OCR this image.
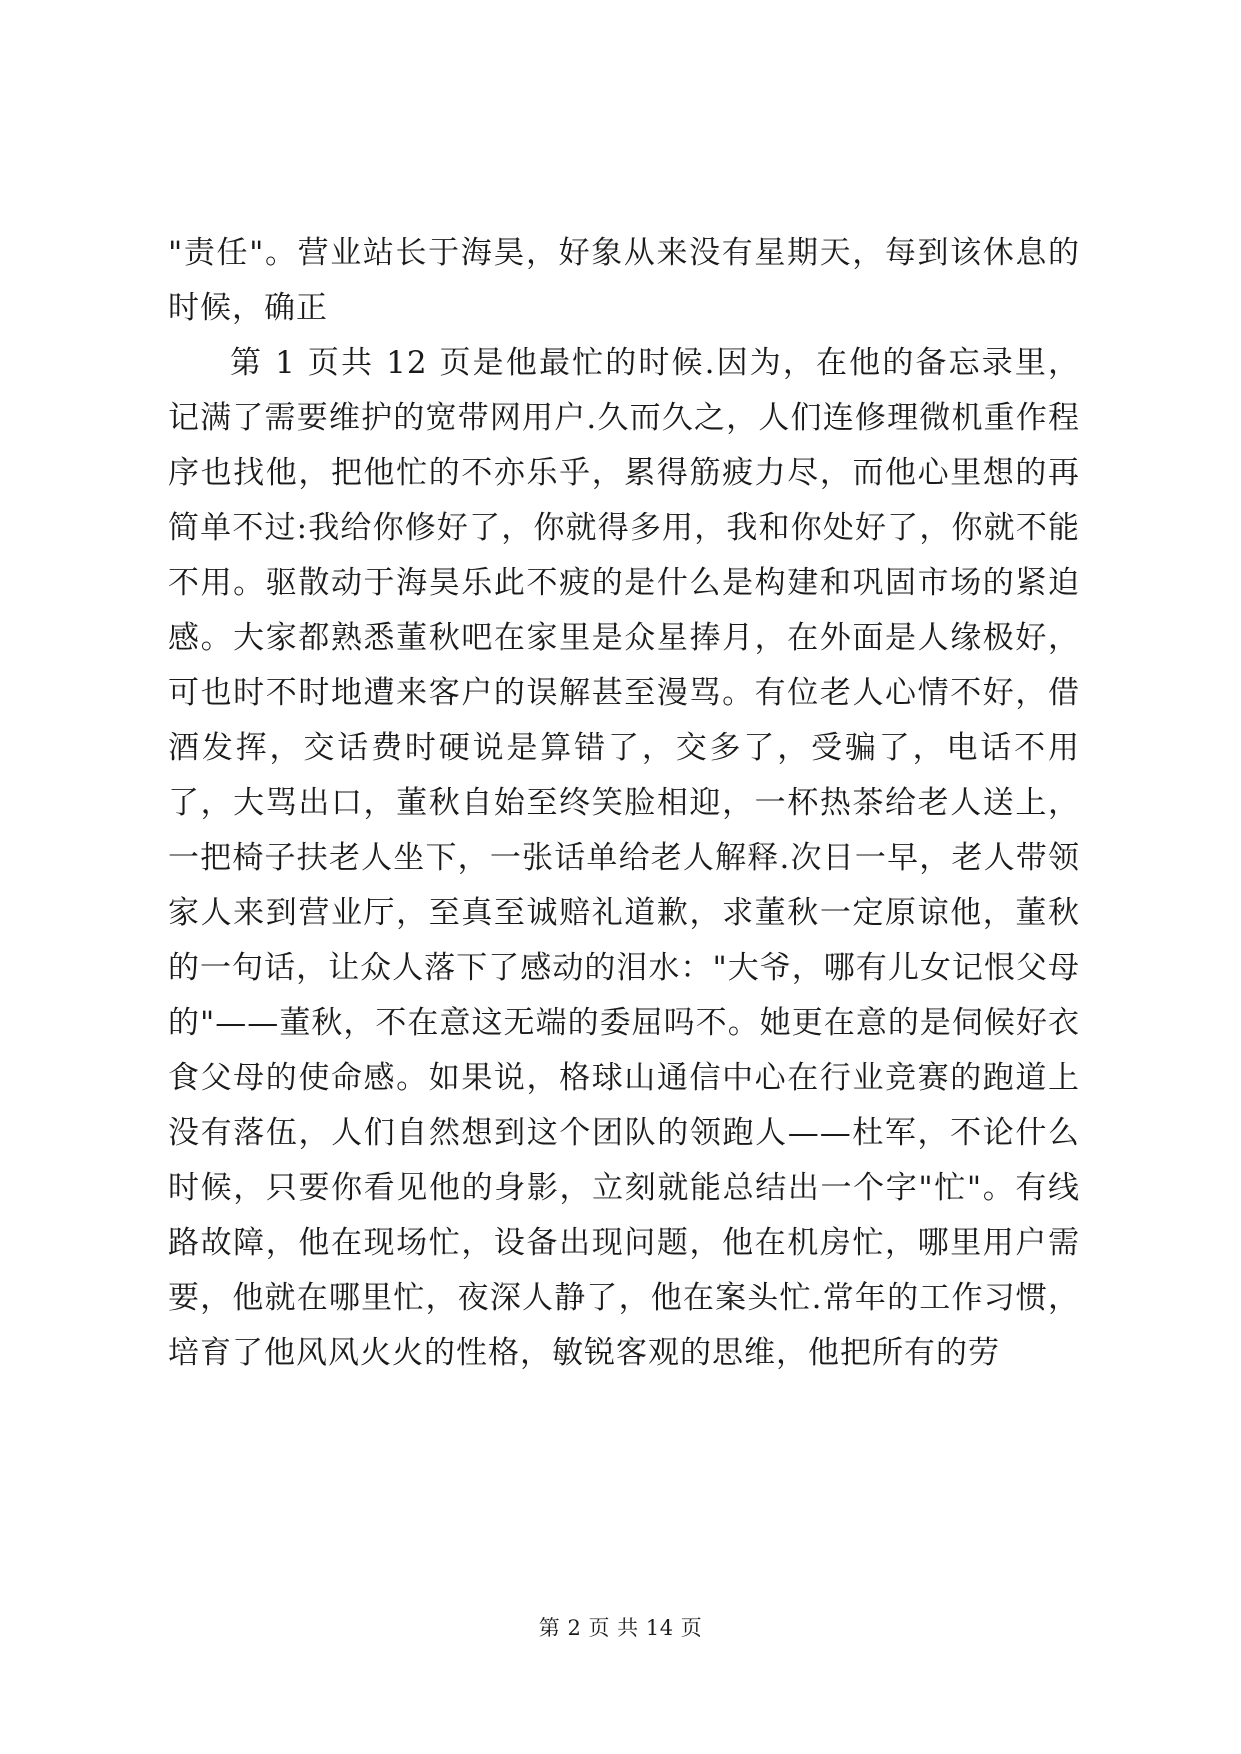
"责任"。营业站长于海昊，好象从来没有星期天，每到该休息的时候，确正

第 1 页共 12 页是他最忙的时候.因为，在他的备忘录里，记满了需要维护的宽带网用户.久而久之，人们连修理微机重作程序也找他，把他忙的不亦乐乎，累得筋疲力尽，而他心里想的再简单不过:我给你修好了，你就得多用，我和你处好了，你就不能不用。驱散动于海昊乐此不疲的是什么是构建和巩固市场的紧迫感。大家都熟悉董秋吧在家里是众星捧月，在外面是人缘极好，可也时不时地遭来客户的误解甚至漫骂。有位老人心情不好，借酒发挥，交话费时硬说是算错了，交多了，受骗了，电话不用了，大骂出口，董秋自始至终笑脸相迎，一杯热茶给老人送上，一把椅子扶老人坐下，一张话单给老人解释.次日一早，老人带领家人来到营业厅，至真至诚赔礼道歉，求董秋一定原谅他，董秋的一句话，让众人落下了感动的泪水："大爷，哪有儿女记恨父母的"——董秋，不在意这无端的委屈吗不。她更在意的是伺候好衣食父母的使命感。如果说，格球山通信中心在行业竞赛的跑道上没有落伍，人们自然想到这个团队的领跑人——杜军，不论什么时候，只要你看见他的身影，立刻就能总结出一个字"忙"。有线路故障，他在现场忙，设备出现问题，他在机房忙，哪里用户需要，他就在哪里忙，夜深人静了，他在案头忙.常年的工作习惯，培育了他风风火火的性格，敏锐客观的思维，他把所有的劳

第 2 页 共 14 页
